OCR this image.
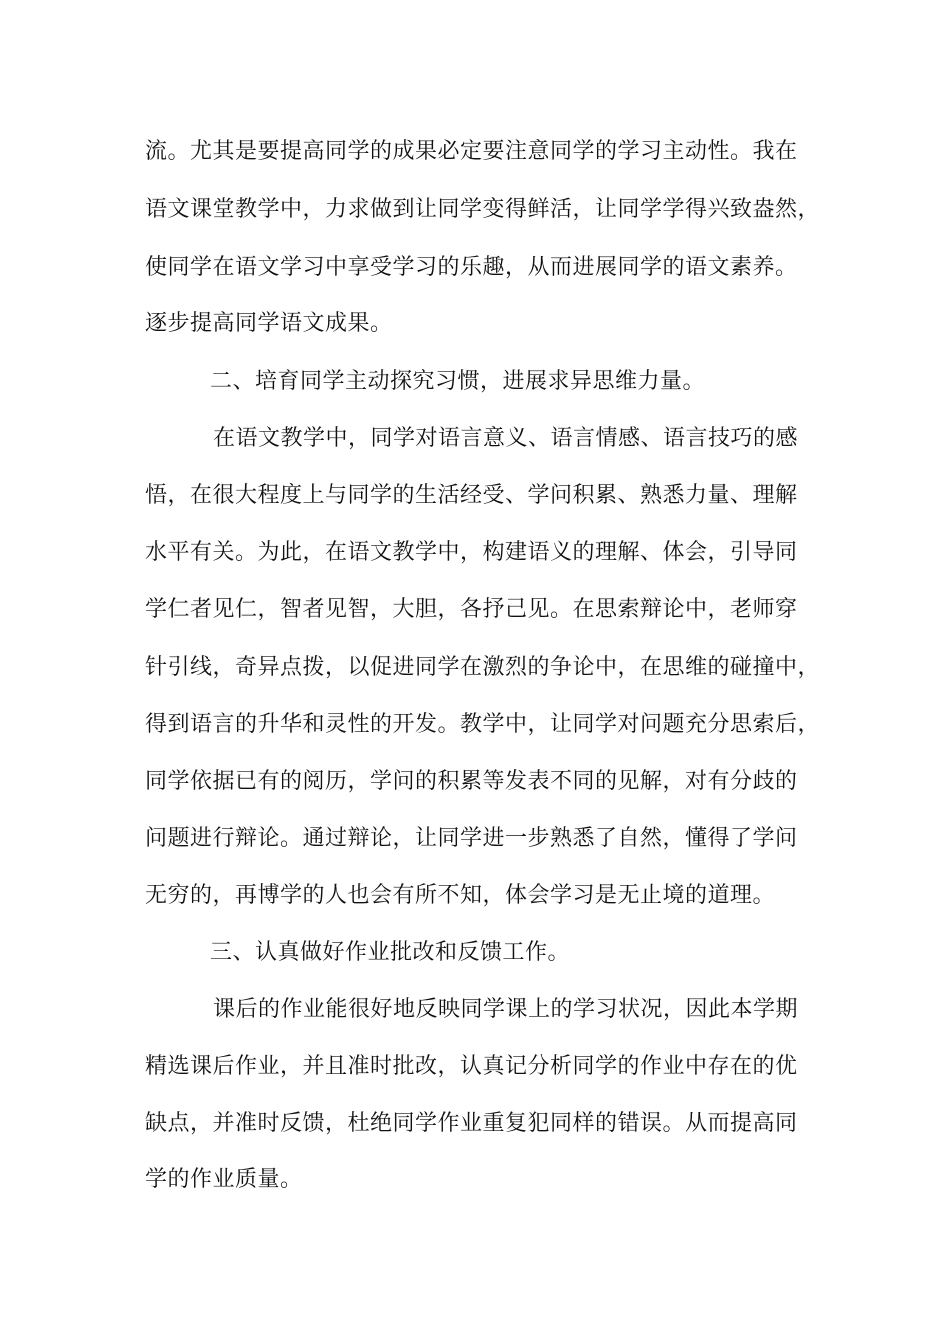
流。尤其是要提高同学的成果必定要注意同学的学习主动性。我在
语文课堂教学中，力求做到让同学变得鲜活，让同学学得兴致盎然，
使同学在语文学习中享受学习的乐趣，从而进展同学的语文素养。
逐步提高同学语文成果。
二、培育同学主动探究习惯，进展求异思维力量。
在语文教学中，同学对语言意义、语言情感、语言技巧的感
悟，在很大程度上与同学的生活经受、学问积累、熟悉力量、理解
水平有关。为此，在语文教学中，构建语义的理解、体会，引导同
学仁者见仁，智者见智，大胆，各抒己见。在思索辩论中，老师穿
针引线，奇异点拨，以促进同学在激烈的争论中，在思维的碰撞中，
得到语言的升华和灵性的开发。教学中，让同学对问题充分思索后，
同学依据已有的阅历，学问的积累等发表不同的见解，对有分歧的
问题进行辩论。通过辩论，让同学进一步熟悉了自然，懂得了学问
无穷的，再博学的人也会有所不知，体会学习是无止境的道理。
三、认真做好作业批改和反馈工作。
课后的作业能很好地反映同学课上的学习状况，因此本学期
精选课后作业，并且准时批改，认真记分析同学的作业中存在的优
缺点，并准时反馈，杜绝同学作业重复犯同样的错误。从而提高同
学的作业质量。
